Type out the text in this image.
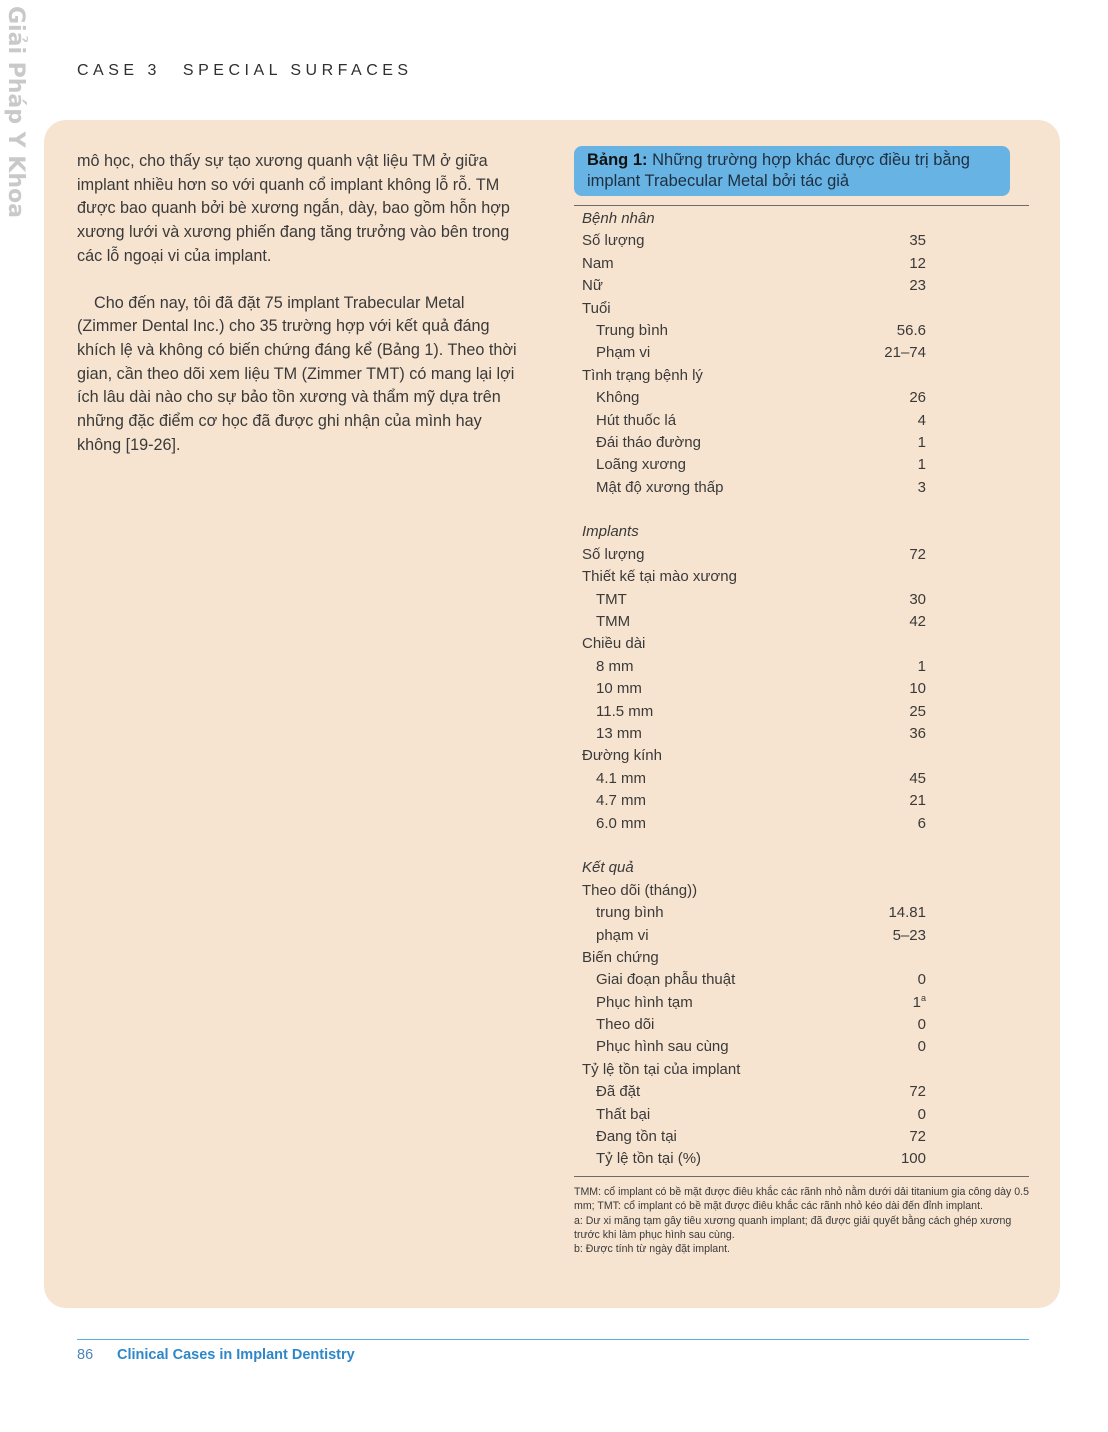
Giải Pháp Y Khoa	CASE 3 SPECIAL SURFACES

mô học, cho thấy sự tạo xương quanh vật liệu TM ở giữa implant nhiều hơn so với quanh cổ implant không lỗ rỗ. TM được bao quanh bởi bè xương ngắn, dày, bao gồm hỗn hợp xương lưới và xương phiến đang tăng trưởng vào bên trong các lỗ ngoại vi của implant.

Cho đến nay, tôi đã đặt 75 implant Trabecular Metal (Zimmer Dental Inc.) cho 35 trường hợp với kết quả đáng khích lệ và không có biến chứng đáng kể (Bảng 1). Theo thời gian, cần theo dõi xem liệu TM (Zimmer TMT) có mang lại lợi ích lâu dài nào cho sự bảo tồn xương và thẩm mỹ dựa trên những đặc điểm cơ học đã được ghi nhận của mình hay không [19-26].

Bảng 1: Những trường hợp khác được điều trị bằng implant Trabecular Metal bởi tác giả
Bệnh nhân
Số lượng	35
Nam	12
Nữ	23
Tuổi
Trung bình	56.6
Phạm vi	21–74
Tình trạng bệnh lý
Không	26
Hút thuốc lá	4
Đái tháo đường	1
Loãng xương	1
Mật độ xương thấp	3
Implants
Số lượng	72
Thiết kế tại mào xương
TMT	30
TMM	42
Chiều dài
8 mm	1
10 mm	10
11.5 mm	25
13 mm	36
Đường kính
4.1 mm	45
4.7 mm	21
6.0 mm	6
Kết quả
Theo dõi (tháng))
trung bình	14.81
phạm vi	5–23
Biến chứng
Giai đoạn phẫu thuật	0
Phục hình tạm	1$^a$
Theo dõi	0
Phục hình sau cùng	0
Tỷ lệ tồn tại của implant
Đã đặt	72
Thất bại	0
Đang tồn tại	72
Tỷ lệ tồn tại (%)	100

TMM: cổ implant có bề mặt được điêu khắc các rãnh nhỏ nằm dưới dải titanium gia công dày 0.5 mm; TMT: cổ implant có bề mặt được điêu khắc các rãnh nhỏ kéo dài đến đỉnh implant.

a: Dư xi măng tạm gây tiêu xương quanh implant; đã được giải quyết bằng cách ghép xương trước khi làm phục hình sau cùng.

b: Được tính từ ngày đặt implant.

86 Clinical Cases in Implant Dentistry
